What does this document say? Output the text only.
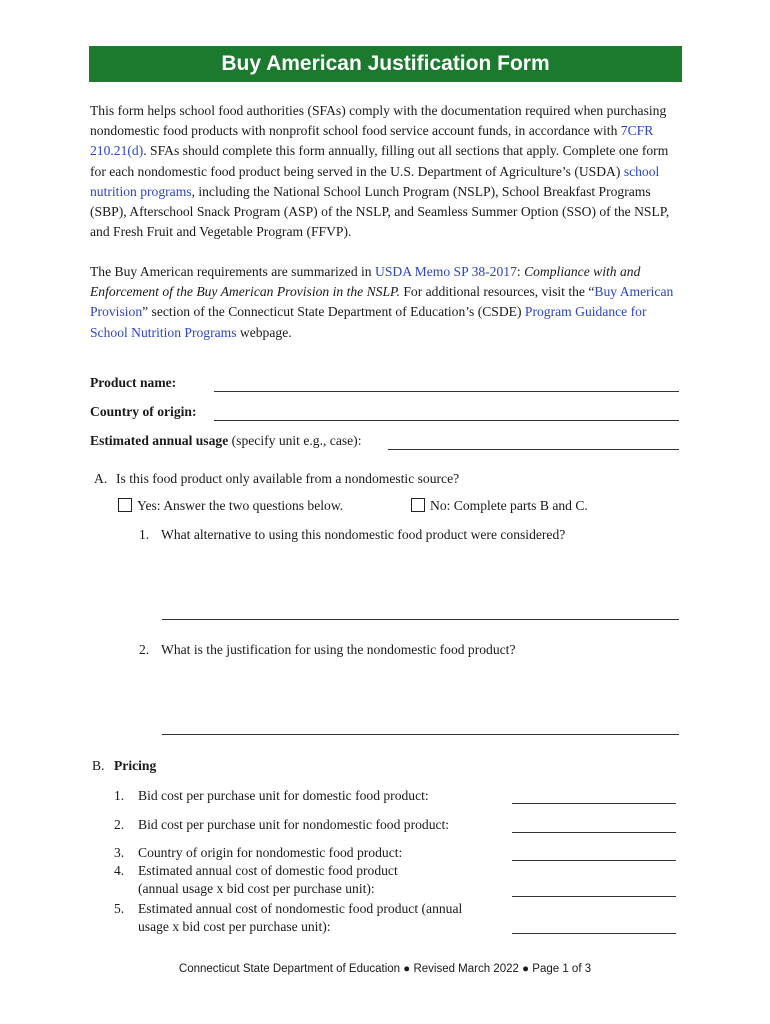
Buy American Justification Form
This form helps school food authorities (SFAs) comply with the documentation required when purchasing nondomestic food products with nonprofit school food service account funds, in accordance with 7CFR 210.21(d). SFAs should complete this form annually, filling out all sections that apply. Complete one form for each nondomestic food product being served in the U.S. Department of Agriculture’s (USDA) school nutrition programs, including the National School Lunch Program (NSLP), School Breakfast Programs (SBP), Afterschool Snack Program (ASP) of the NSLP, and Seamless Summer Option (SSO) of the NSLP, and Fresh Fruit and Vegetable Program (FFVP).
The Buy American requirements are summarized in USDA Memo SP 38-2017: Compliance with and Enforcement of the Buy American Provision in the NSLP. For additional resources, visit the “Buy American Provision” section of the Connecticut State Department of Education’s (CSDE) Program Guidance for School Nutrition Programs webpage.
Product name:
Country of origin:
Estimated annual usage (specify unit e.g., case):
A. Is this food product only available from a nondomestic source?
Yes: Answer the two questions below.	No: Complete parts B and C.
1. What alternative to using this nondomestic food product were considered?
2. What is the justification for using the nondomestic food product?
B. Pricing
1. Bid cost per purchase unit for domestic food product:
2. Bid cost per purchase unit for nondomestic food product:
3. Country of origin for nondomestic food product:
4. Estimated annual cost of domestic food product
(annual usage x bid cost per purchase unit):
5. Estimated annual cost of nondomestic food product (annual
usage x bid cost per purchase unit):
Connecticut State Department of Education ● Revised March 2022 ● Page 1 of 3
